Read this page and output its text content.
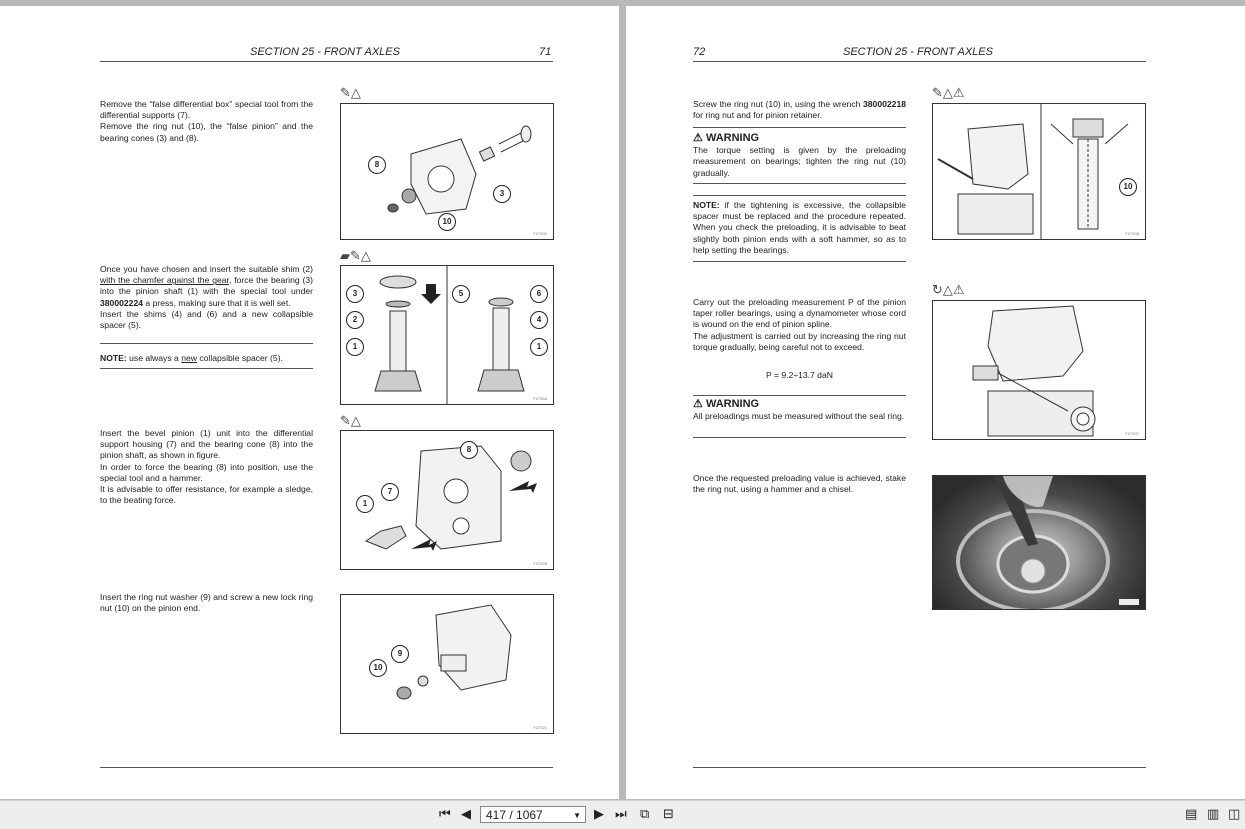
SECTION 25 - FRONT AXLES	71

Remove the “false differential box” special tool from the differential supports (7).

Remove the ring nut (10), the “false pinion” and the bearing cones (3) and (8).

✎△
8
3
10
F27530

Once you have chosen and insert the suitable shim (2) with the chamfer against the gear, force the bearing (3) into the pinion shaft (1) with the special tool under 380002224 a press, making sure that it is well set.

Insert the shims (4) and (6) and a new collapsible spacer (5).

NOTE: use always a new collapsible spacer (5).

▰✎△
3
2
1
5	6
4
1
F27534

Insert the bevel pinion (1) unit into the differential support housing (7) and the bearing cone (8) into the pinion shaft, as shown in figure.

In order to force the bearing (8) into position, use the special tool and a hammer.

It is advisable to offer resistance, for example a sledge, to the beating force.

✎△
8
7
1
F27535

Insert the ring nut washer (9) and screw a new lock ring nut (10) on the pinion end.

9
10
F27521
72	SECTION 25 - FRONT AXLES

Screw the ring nut (10) in, using the wrench 380002218 for ring nut and for pinion retainer.

⚠ WARNING

The torque setting is given by the preloading measurement on bearings; tighten the ring nut (10) gradually.

NOTE: if the tightening is excessive, the collapsible spacer must be replaced and the procedure repeated. When you check the preloading, it is advisable to beat slightly both pinion ends with a soft hammer, so as to help setting the bearings.

✎△⚠
10
F27536

Carry out the preloading measurement P of the pinion taper roller bearings, using a dynamometer whose cord is wound on the end of pinion spline.

The adjustment is carried out by increasing the ring nut torque gradually, being careful not to exceed.

P = 9.2÷13.7 daN

⚠ WARNING

All preloadings must be measured without the seal ring.

↻△⚠
F27537

Once the requested preloading value is achieved, stake the ring nut, using a hammer and a chisel.

⏮ ◀	417 / 1067	▼ ▶ ⏭ ⧉ ⊟	▤ ▥ ◫
